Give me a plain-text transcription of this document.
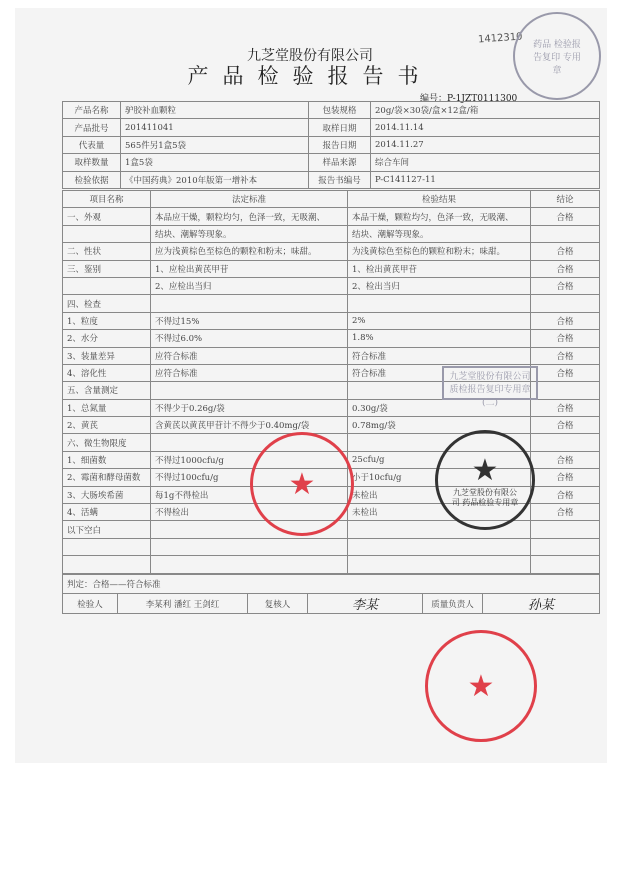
1412310
九芝堂股份有限公司
产品检验报告书
编号：P-1JZT0111300
产品名称	驴胶补血颗粒	包装规格	20g/袋×30袋/盒×12盒/箱
产品批号	201411041	取样日期	2014.11.14
代表量	565件另1盒5袋	报告日期	2014.11.27
取样数量	1盒5袋	样品来源	综合车间
检验依据	《中国药典》2010年版第一增补本	报告书编号	P-C141127-11
项目名称	法定标准	检验结果	结论
一、外观	本品应干燥，颗粒均匀，色泽一致，无吸潮、	本品干燥，颗粒均匀，色泽一致，无吸潮、	合格
	结块、潮解等现象。	结块、潮解等现象。	
二、性状	应为浅黄棕色至棕色的颗粒和粉末；味甜。	为浅黄棕色至棕色的颗粒和粉末；味甜。	合格
三、鉴别	1、应检出黄芪甲苷	1、检出黄芪甲苷	合格
	2、应检出当归	2、检出当归	合格
四、检查			
1、粒度	不得过15%	2%	合格
2、水分	不得过6.0%	1.8%	合格
3、装量差异	应符合标准	符合标准	合格
4、溶化性	应符合标准	符合标准	合格
五、含量测定			
1、总氮量	不得少于0.26g/袋	0.30g/袋	合格
2、黄芪	含黄芪以黄芪甲苷计不得少于0.40mg/袋	0.78mg/袋	合格
六、微生物限度			
1、细菌数	不得过1000cfu/g	25cfu/g	合格
2、霉菌和酵母菌数	不得过100cfu/g	小于10cfu/g	合格
3、大肠埃希菌	每1g不得检出	未检出	合格
4、活螨	不得检出	未检出	合格
以下空白			

判定：合格——符合标准
检验人	李某利 潘红 王剑红	复核人	李某	质量负责人	孙某
药品 检验报告复印 专用章
九芝堂股份有限公司 质检报告复印专用章 (二)
★	★
九芝堂股份有限公司 药品检验专用章
★
